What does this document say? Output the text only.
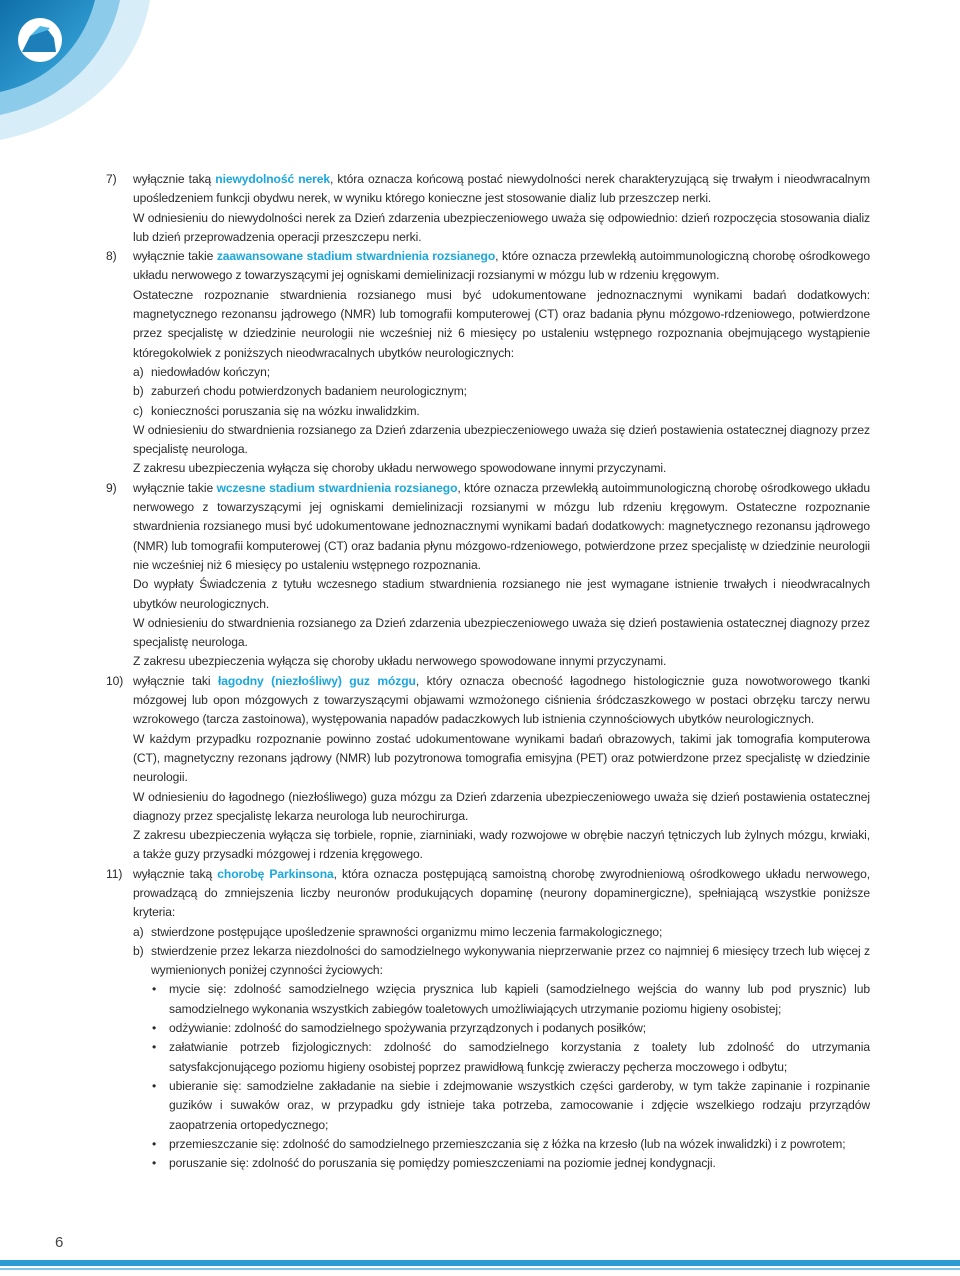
7) wyłącznie taką niewydolność nerek, która oznacza końcową postać niewydolności nerek charakteryzującą się trwałym i nieodwracalnym upośledzeniem funkcji obydwu nerek, w wyniku którego konieczne jest stosowanie dializ lub przeszczep nerki.

W odniesieniu do niewydolności nerek za Dzień zdarzenia ubezpieczeniowego uważa się odpowiednio: dzień rozpoczęcia stosowania dializ lub dzień przeprowadzenia operacji przeszczepu nerki.

8) wyłącznie takie zaawansowane stadium stwardnienia rozsianego, które oznacza przewlekłą autoimmunologiczną chorobę ośrodkowego układu nerwowego z towarzyszącymi jej ogniskami demielinizacji rozsianymi w mózgu lub w rdzeniu kręgowym.

Ostateczne rozpoznanie stwardnienia rozsianego musi być udokumentowane jednoznacznymi wynikami badań dodatkowych: magnetycznego rezonansu jądrowego (NMR) lub tomografii komputerowej (CT) oraz badania płynu mózgowo-rdzeniowego, potwierdzone przez specjalistę w dziedzinie neurologii nie wcześniej niż 6 miesięcy po ustaleniu wstępnego rozpoznania obejmującego wystąpienie któregokolwiek z poniższych nieodwracalnych ubytków neurologicznych:

a) niedowładów kończyn;
b) zaburzeń chodu potwierdzonych badaniem neurologicznym;
c) konieczności poruszania się na wózku inwalidzkim.

W odniesieniu do stwardnienia rozsianego za Dzień zdarzenia ubezpieczeniowego uważa się dzień postawienia ostatecznej diagnozy przez specjalistę neurologa.

Z zakresu ubezpieczenia wyłącza się choroby układu nerwowego spowodowane innymi przyczynami.

9) wyłącznie takie wczesne stadium stwardnienia rozsianego, które oznacza przewlekłą autoimmunologiczną chorobę ośrodkowego układu nerwowego z towarzyszącymi jej ogniskami demielinizacji rozsianymi w mózgu lub rdzeniu kręgowym. Ostateczne rozpoznanie stwardnienia rozsianego musi być udokumentowane jednoznacznymi wynikami badań dodatkowych: magnetycznego rezonansu jądrowego (NMR) lub tomografii komputerowej (CT) oraz badania płynu mózgowo-rdzeniowego, potwierdzone przez specjalistę w dziedzinie neurologii nie wcześniej niż 6 miesięcy po ustaleniu wstępnego rozpoznania.

Do wypłaty Świadczenia z tytułu wczesnego stadium stwardnienia rozsianego nie jest wymagane istnienie trwałych i nieodwracalnych ubytków neurologicznych.

W odniesieniu do stwardnienia rozsianego za Dzień zdarzenia ubezpieczeniowego uważa się dzień postawienia ostatecznej diagnozy przez specjalistę neurologa.

Z zakresu ubezpieczenia wyłącza się choroby układu nerwowego spowodowane innymi przyczynami.

10) wyłącznie taki łagodny (niezłośliwy) guz mózgu, który oznacza obecność łagodnego histologicznie guza nowotworowego tkanki mózgowej lub opon mózgowych z towarzyszącymi objawami wzmożonego ciśnienia śródczaszkowego w postaci obrzęku tarczy nerwu wzrokowego (tarcza zastoinowa), występowania napadów padaczkowych lub istnienia czynnościowych ubytków neurologicznych.

W każdym przypadku rozpoznanie powinno zostać udokumentowane wynikami badań obrazowych, takimi jak tomografia komputerowa (CT), magnetyczny rezonans jądrowy (NMR) lub pozytronowa tomografia emisyjna (PET) oraz potwierdzone przez specjalistę w dziedzinie neurologii.

W odniesieniu do łagodnego (niezłośliwego) guza mózgu za Dzień zdarzenia ubezpieczeniowego uważa się dzień postawienia ostatecznej diagnozy przez specjalistę lekarza neurologa lub neurochirurga.

Z zakresu ubezpieczenia wyłącza się torbiele, ropnie, ziarniniaki, wady rozwojowe w obrębie naczyń tętniczych lub żylnych mózgu, krwiaki, a także guzy przysadki mózgowej i rdzenia kręgowego.

11) wyłącznie taką chorobę Parkinsona, która oznacza postępującą samoistną chorobę zwyrodnieniową ośrodkowego układu nerwowego, prowadzącą do zmniejszenia liczby neuronów produkujących dopaminę (neurony dopaminergiczne), spełniającą wszystkie poniższe kryteria:

a) stwierdzone postępujące upośledzenie sprawności organizmu mimo leczenia farmakologicznego;
b) stwierdzenie przez lekarza niezdolności do samodzielnego wykonywania nieprzerwanie przez co najmniej 6 miesięcy trzech lub więcej z wymienionych poniżej czynności życiowych:
• mycie się: zdolność samodzielnego wzięcia prysznica lub kąpieli (samodzielnego wejścia do wanny lub pod prysznic) lub samodzielnego wykonania wszystkich zabiegów toaletowych umożliwiających utrzymanie poziomu higieny osobistej;
• odżywianie: zdolność do samodzielnego spożywania przyrządzonych i podanych posiłków;
• załatwianie potrzeb fizjologicznych: zdolność do samodzielnego korzystania z toalety lub zdolność do utrzymania satysfakcjonującego poziomu higieny osobistej poprzez prawidłową funkcję zwieraczy pęcherza moczowego i odbytu;
• ubieranie się: samodzielne zakładanie na siebie i zdejmowanie wszystkich części garderoby, w tym także zapinanie i rozpinanie guzików i suwaków oraz, w przypadku gdy istnieje taka potrzeba, zamocowanie i zdjęcie wszelkiego rodzaju przyrządów zaopatrzenia ortopedycznego;
• przemieszczanie się: zdolność do samodzielnego przemieszczania się z łóżka na krzesło (lub na wózek inwalidzki) i z powrotem;
• poruszanie się: zdolność do poruszania się pomiędzy pomieszczeniami na poziomie jednej kondygnacji.
6
